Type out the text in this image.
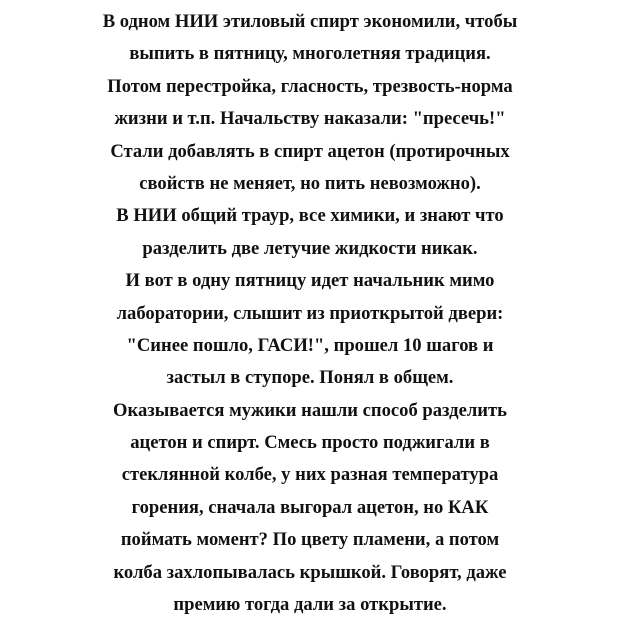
В одном НИИ этиловый спирт экономили, чтобы
выпить в пятницу, многолетняя традиция.
Потом перестройка, гласность, трезвость-норма
жизни и т.п. Начальству наказали: "пресечь!"
Стали добавлять в спирт ацетон (протирочных
свойств не меняет, но пить невозможно).
В НИИ общий траур, все химики, и знают что
разделить две летучие жидкости никак.
И вот в одну пятницу идет начальник мимо
лаборатории, слышит из приоткрытой двери:
"Синее пошло, ГАСИ!", прошел 10 шагов и
застыл в ступоре. Понял в общем.
Оказывается мужики нашли способ разделить
ацетон и спирт. Смесь просто поджигали в
стеклянной колбе, у них разная температура
горения, сначала выгорал ацетон, но КАК
поймать момент? По цвету пламени, а потом
колба захлопывалась крышкой. Говорят, даже
премию тогда дали за открытие.
